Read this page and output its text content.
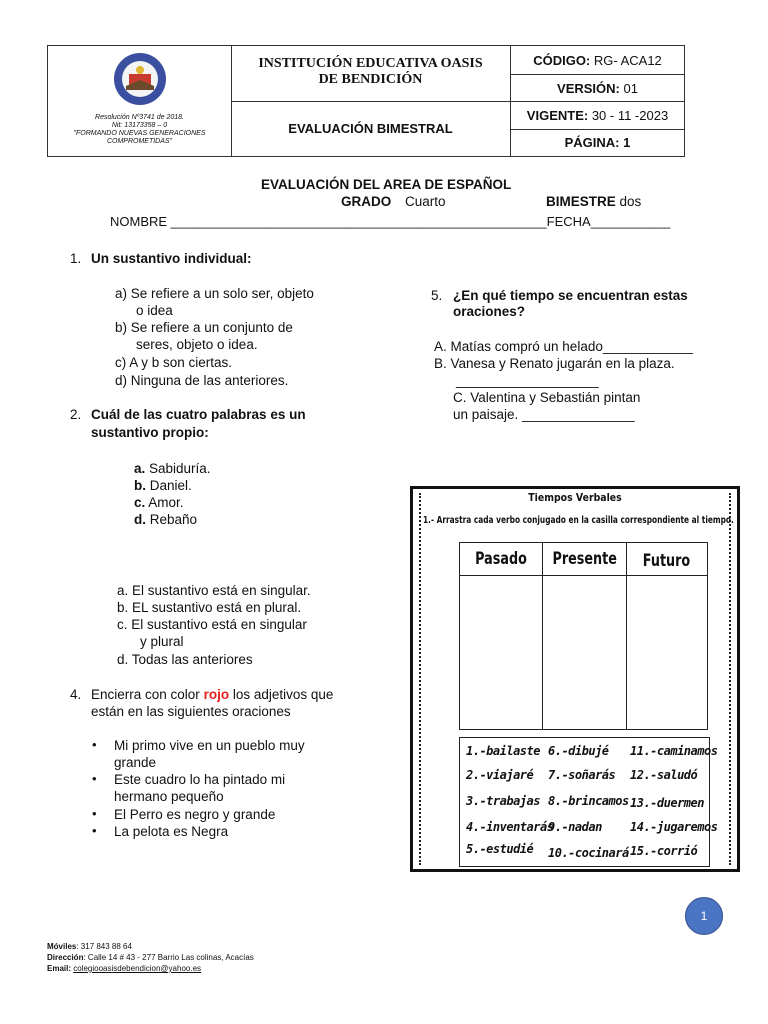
Resolución Nº3741 de 2018.
Nit: 13173358 – 0
"FORMANDO NUEVAS GENERACIONES COMPROMETIDAS"
INSTITUCIÓN EDUCATIVA OASIS
DE BENDICIÓN
EVALUACIÓN BIMESTRAL
CÓDIGO: RG- ACA12
VERSIÓN: 01
VIGENTE: 30 - 11 -2023
PÁGINA: 1
EVALUACIÓN DEL AREA DE ESPAÑOL
GRADO Cuarto	BIMESTRE dos
NOMBRE ____________________________________________________FECHA___________
1. Un sustantivo individual:
a) Se refiere a un solo ser, objeto
o idea
b) Se refiere a un conjunto de
seres, objeto o idea.
c) A y b son ciertas.
d) Ninguna de las anteriores.
2. Cuál de las cuatro palabras es un
sustantivo propio:
a. Sabiduría.
b. Daniel.
c. Amor.
d. Rebaño
a. El sustantivo está en singular.
b. EL sustantivo está en plural.
c. El sustantivo está en singular
y plural
d. Todas las anteriores
4. Encierra con color rojo los adjetivos que
están en las siguientes oraciones
• Mi primo vive en un pueblo muy
grande
• Este cuadro lo ha pintado mi
hermano pequeño
• El Perro es negro y grande
• La pelota es Negra
5. ¿En qué tiempo se encuentran estas
oraciones?
A. Matías compró un helado____________
B. Vanesa y Renato jugarán en la plaza.
___________________
C. Valentina y Sebastián pintan
un paisaje. _______________
Tiempos Verbales
1.- Arrastra cada verbo conjugado en la casilla correspondiente al tiempo.
Pasado Presente	Futuro
1.-bailaste 6.-dibujé 11.-caminamos
2.-viajaré 7.-soñarás 12.-saludó
3.-trabajas 8.-brincamos 13.-duermen
4.-inventarás
9.-nadan 14.-jugaremos
5.-estudié 10.-cocinará 15.-corrió
1
Móviles: 317 843 88 64
Dirección: Calle 14 # 43 - 277 Barrio Las colinas, Acacías
Email: colegiooasisdebendicion@yahoo.es
